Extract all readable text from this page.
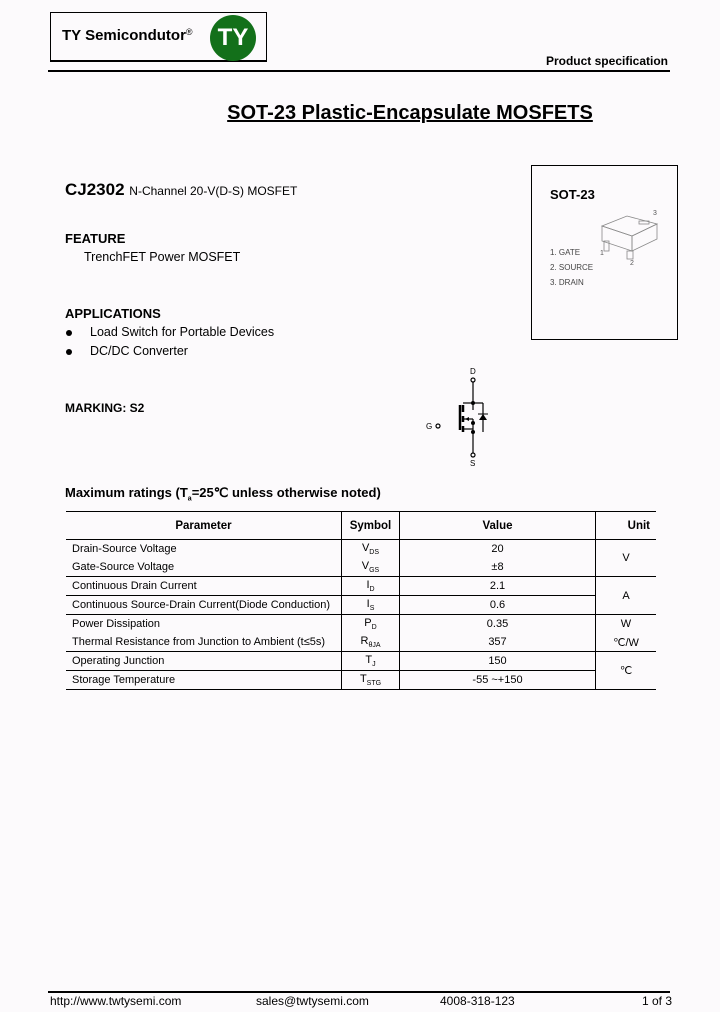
TY Semicondutor®	TY
Product specification
SOT-23 Plastic-Encapsulate MOSFETS
CJ2302 N-Channel 20-V(D-S) MOSFET
FEATURE
TrenchFET Power MOSFET
APPLICATIONS
Load Switch for Portable Devices
DC/DC Converter
MARKING: S2
SOT-23
3
1
2
1. GATE
2. SOURCE
3. DRAIN
D
G
S
Maximum ratings ($T_a=25℃$ unless otherwise noted)
Parameter	Symbol	Value	Unit
Drain-Source Voltage	$V_{DS}$	20	V
Gate-Source Voltage	$V_{GS}$	±8	
Continuous Drain Current	$I_D$	2.1	A
Continuous Source-Drain Current(Diode Conduction)	$I_S$	0.6	
Power Dissipation	$P_D$	0.35	W
Thermal Resistance from Junction to Ambient (t≤5s)	$R_{\theta JA}$	357	℃/W
Operating Junction	$T_J$	150	℃
Storage Temperature	$T_{STG}$	-55 ~+150	
http://www.twtysemi.com	sales@twtysemi.com	4008-318-123	1 of 3
